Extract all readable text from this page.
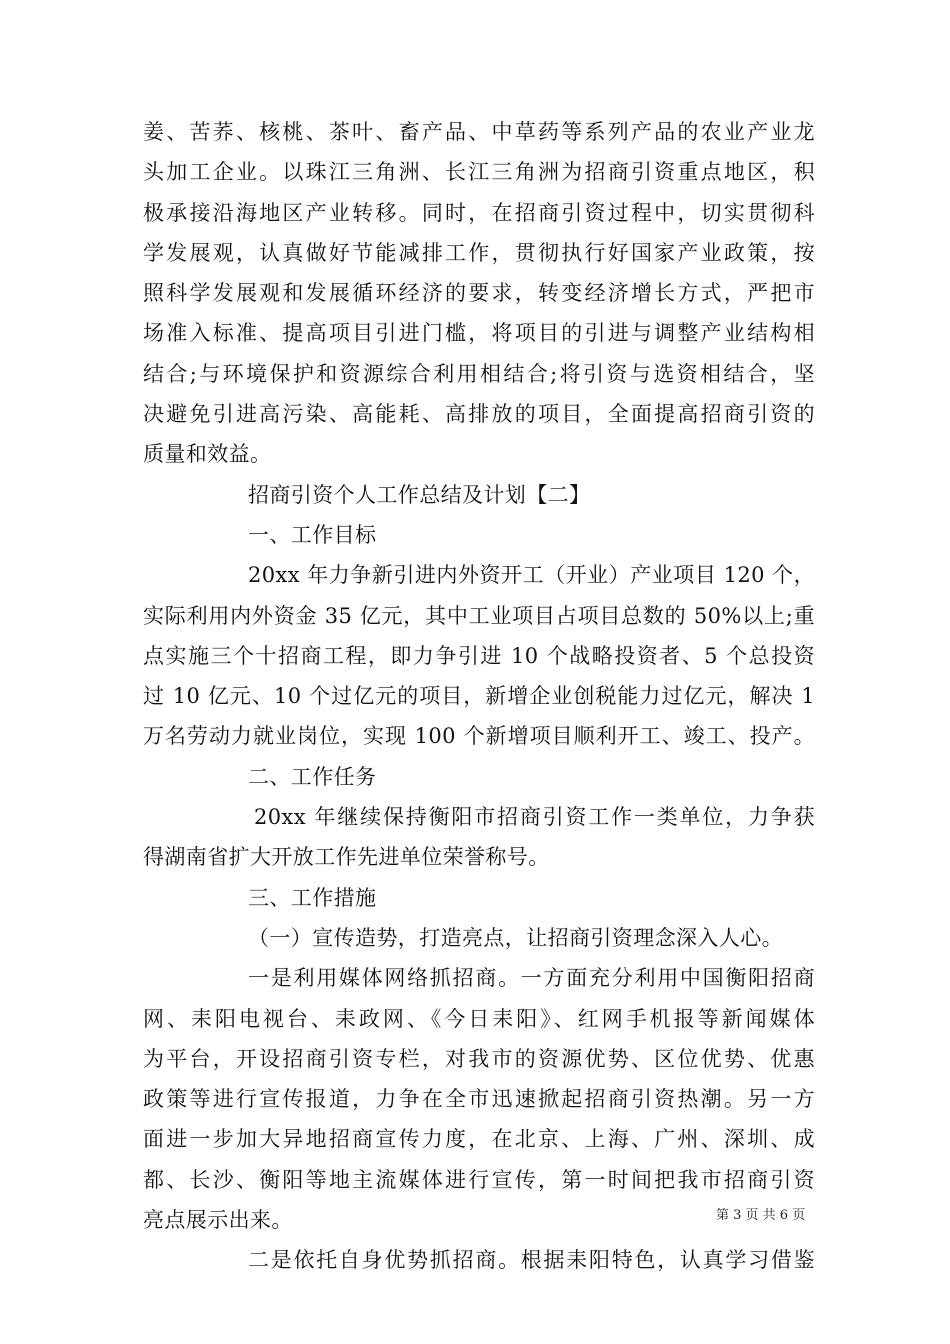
姜、苦荞、核桃、茶叶、畜产品、中草药等系列产品的农业产业龙
头加工企业。以珠江三角洲、长江三角洲为招商引资重点地区，积
极承接沿海地区产业转移。同时，在招商引资过程中，切实贯彻科
学发展观，认真做好节能减排工作，贯彻执行好国家产业政策，按
照科学发展观和发展循环经济的要求，转变经济增长方式，严把市
场准入标准、提高项目引进门槛，将项目的引进与调整产业结构相
结合;与环境保护和资源综合利用相结合;将引资与选资相结合，坚
决避免引进高污染、高能耗、高排放的项目，全面提高招商引资的
质量和效益。
招商引资个人工作总结及计划【二】
一、工作目标
20xx 年力争新引进内外资开工（开业）产业项目 120 个，
实际利用内外资金 35 亿元，其中工业项目占项目总数的 50%以上;重
点实施三个十招商工程，即力争引进 10 个战略投资者、5 个总投资
过 10 亿元、10 个过亿元的项目，新增企业创税能力过亿元，解决 1
万名劳动力就业岗位，实现 100 个新增项目顺利开工、竣工、投产。
二、工作任务
20xx 年继续保持衡阳市招商引资工作一类单位，力争获
得湖南省扩大开放工作先进单位荣誉称号。
三、工作措施
（一）宣传造势，打造亮点，让招商引资理念深入人心。
一是利用媒体网络抓招商。一方面充分利用中国衡阳招商
网、耒阳电视台、耒政网、《今日耒阳》、红网手机报等新闻媒体
为平台，开设招商引资专栏，对我市的资源优势、区位优势、优惠
政策等进行宣传报道，力争在全市迅速掀起招商引资热潮。另一方
面进一步加大异地招商宣传力度，在北京、上海、广州、深圳、成
都、长沙、衡阳等地主流媒体进行宣传，第一时间把我市招商引资
亮点展示出来。
二是依托自身优势抓招商。根据耒阳特色，认真学习借鉴
第 3 页 共 6 页
